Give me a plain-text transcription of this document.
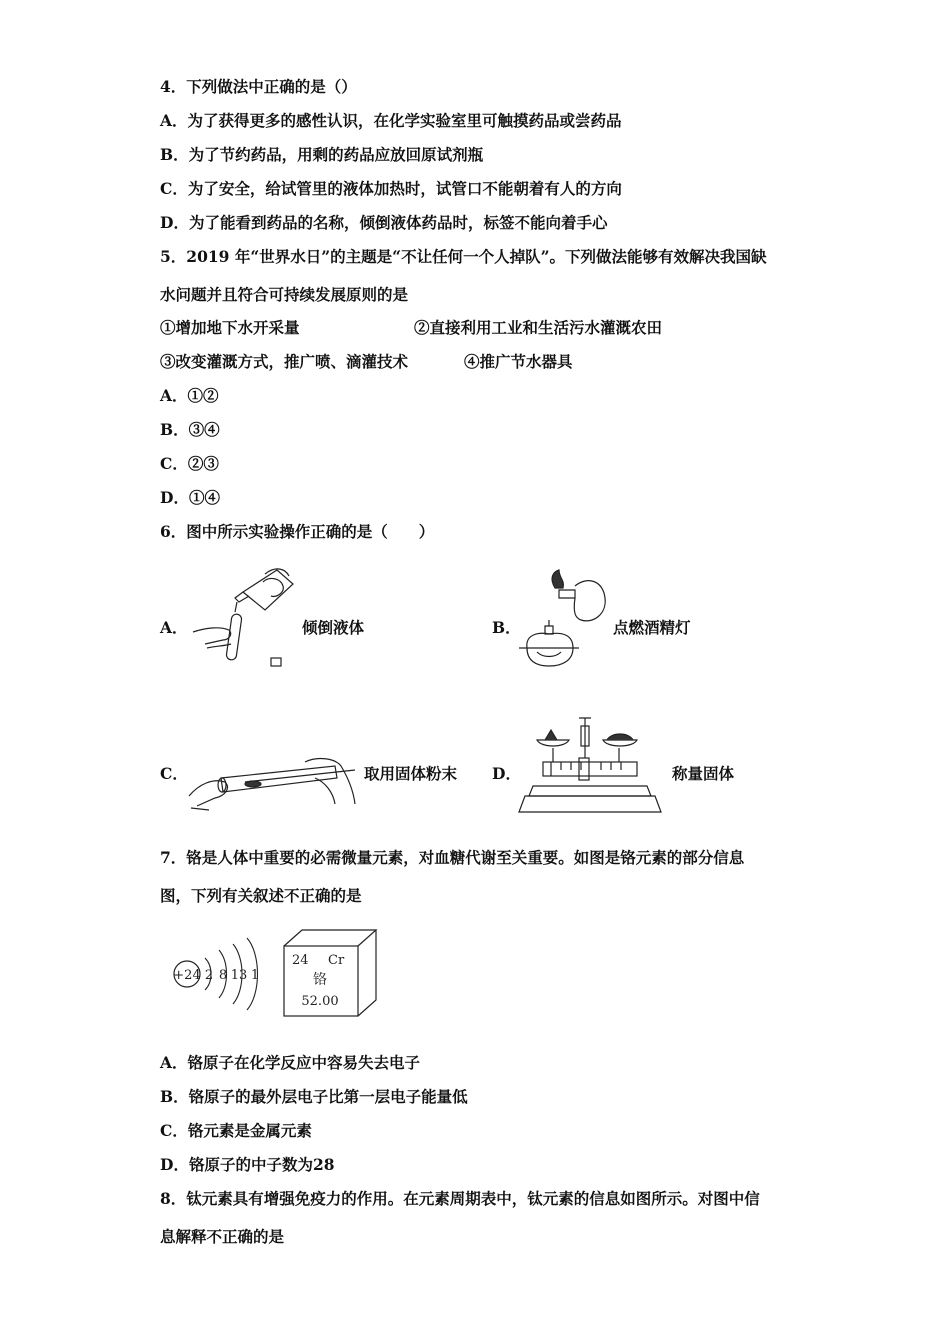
4．下列做法中正确的是（）
A．为了获得更多的感性认识，在化学实验室里可触摸药品或尝药品
B．为了节约药品，用剩的药品应放回原试剂瓶
C．为了安全，给试管里的液体加热时，试管口不能朝着有人的方向
D．为了能看到药品的名称，倾倒液体药品时，标签不能向着手心
5．2019 年“世界水日”的主题是“不让任何一个人掉队”。下列做法能够有效解决我国缺
水问题并且符合可持续发展原则的是
①增加地下水开采量	②直接利用工业和生活污水灌溉农田
③改变灌溉方式，推广喷、滴灌技术	④推广节水器具
A．①②
B．③④
C．②③
D．①④
6．图中所示实验操作正确的是（　　）
A．	倾倒液体	B．	点燃酒精灯
C．	取用固体粉末 D．	称量固体
7．铬是人体中重要的必需微量元素，对血糖代谢至关重要。如图是铬元素的部分信息
图，下列有关叙述不正确的是
+24 2 8 13 1
24 Cr
铬
52.00
A．铬原子在化学反应中容易失去电子
B．铬原子的最外层电子比第一层电子能量低
C．铬元素是金属元素
D．铬原子的中子数为28
8．钛元素具有增强免疫力的作用。在元素周期表中，钛元素的信息如图所示。对图中信
息解释不正确的是
